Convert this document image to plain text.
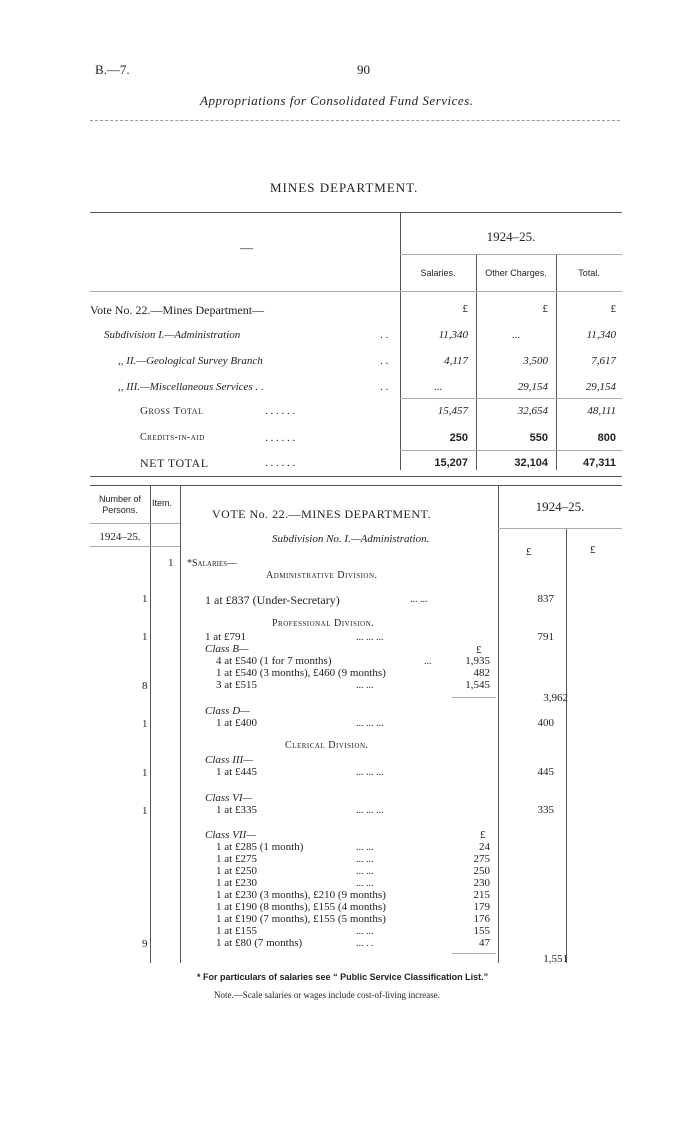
B.—7.	90
Appropriations for Consolidated Fund Services.
MINES DEPARTMENT.
—
1924–25.
Salaries.	Other Charges.	Total.
Vote No. 22.—Mines Department—	£	£	£
Subdivision I.—Administration	. .	11,340	...	11,340
,, II.—Geological Survey Branch	. .	4,117	3,500	7,617
,, III.—Miscellaneous Services . .	. .	...	29,154	29,154
Gross Total	. . . . . .	15,457	32,654	48,111
Credits-in-aid	. . . . . .	250	550	800
NET TOTAL	. . . . . .	15,207	32,104	47,311
Number of Persons.
Item.
VOTE No. 22.—MINES DEPARTMENT.	1924–25.
1924–25.	Subdivision No. I.—Administration.
£	£
1 *Salaries—
Administrative Division.
1	1 at £837 (Under-Secretary)	... ...	837
Professional Division.
1	1 at £791	... ... ...	791
Class B—	£
4 at £540 (1 for 7 months)	...	1,935
1 at £540 (3 months), £460 (9 months)	482
8	3 at £515	... ...	1,545
3,962
Class D—
1	1 at £400	... ... ...	400
Clerical Division.
Class III—
1	1 at £445	... ... ...	445
Class VI—
1	1 at £335	... ... ...	335
Class VII—	£
1 at £285 (1 month)	... ...	24
1 at £275	... ...	275
1 at £250	... ...	250
1 at £230	... ...	230
1 at £230 (3 months), £210 (9 months)	215
1 at £190 (8 months), £155 (4 months)	179
1 at £190 (7 months), £155 (5 months)	176
1 at £155	... ...	155
9	1 at £80 (7 months)	... . .	47
1,551
* For particulars of salaries see “ Public Service Classification List.”
Note.—Scale salaries or wages include cost-of-living increase.
